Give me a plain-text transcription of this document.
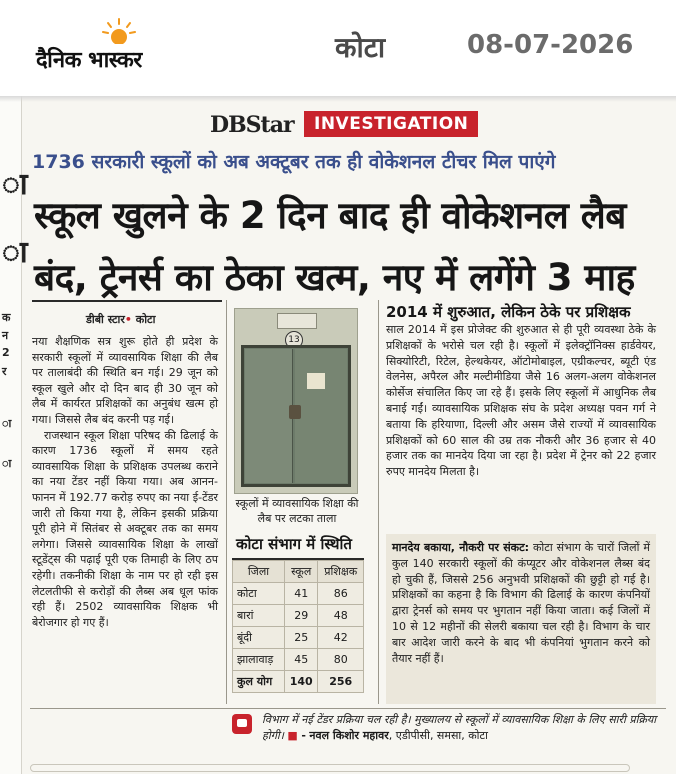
दैनिक भास्कर	कोटा	08-07-2026
ा
ा
क
न
2
र
ा
ा
DBStar	INVESTIGATION
1736 सरकारी स्कूलों को अब अक्टूबर तक ही वोकेशनल टीचर मिल पाएंगे
स्कूल खुलने के 2 दिन बाद ही वोकेशनल लैब
बंद, ट्रेनर्स का ठेका खत्म, नए में लगेंगे 3 माह
डीबी स्टार• कोटा

नया शैक्षणिक सत्र शुरू होते ही प्रदेश के सरकारी स्कूलों में व्यावसायिक शिक्षा की लैब पर तालाबंदी की स्थिति बन गई। 29 जून को स्कूल खुले और दो दिन बाद ही 30 जून को लैब में कार्यरत प्रशिक्षकों का अनुबंध खत्म हो गया। जिससे लैब बंद करनी पड़ गई।

राजस्थान स्कूल शिक्षा परिषद की ढिलाई के कारण 1736 स्कूलों में समय रहते व्यावसायिक शिक्षा के प्रशिक्षक उपलब्ध कराने का नया टेंडर नहीं किया गया। अब आनन-फानन में 192.77 करोड़ रुपए का नया ई-टेंडर जारी तो किया गया है, लेकिन इसकी प्रक्रिया पूरी होने में सितंबर से अक्टूबर तक का समय लगेगा। जिससे व्यावसायिक शिक्षा के लाखों स्टूडेंट्स की पढ़ाई पूरी एक तिमाही के लिए ठप रहेगी। तकनीकी शिक्षा के नाम पर हो रही इस लेटलतीफी से करोड़ों की लैब्स अब धूल फांक रही हैं। 2502 व्यावसायिक शिक्षक भी बेरोजगार हो गए हैं।

13
स्कूलों में व्यावसायिक शिक्षा की लैब पर लटका ताला
कोटा संभाग में स्थिति
जिला	स्कूल	प्रशिक्षक
कोटा	41	86
बारां	29	48
बूंदी	25	42
झालावाड़	45	80
कुल योग	140	256
2014 में शुरुआत, लेकिन ठेके पर प्रशिक्षक
साल 2014 में इस प्रोजेक्ट की शुरुआत से ही पूरी व्यवस्था ठेके के प्रशिक्षकों के भरोसे चल रही है। स्कूलों में इलेक्ट्रॉनिक्स हार्डवेयर, सिक्योरिटी, रिटेल, हेल्थकेयर, ऑटोमोबाइल, एग्रीकल्चर, ब्यूटी एंड वेलनेस, अपैरल और मल्टीमीडिया जैसे 16 अलग-अलग वोकेशनल कोर्सेज संचालित किए जा रहे हैं। इसके लिए स्कूलों में आधुनिक लैब बनाई गईं। व्यावसायिक प्रशिक्षक संघ के प्रदेश अध्यक्ष पवन गर्ग ने बताया कि हरियाणा, दिल्ली और असम जैसे राज्यों में व्यावसायिक प्रशिक्षकों को 60 साल की उम्र तक नौकरी और 36 हजार से 40 हजार तक का मानदेय दिया जा रहा है। प्रदेश में ट्रेनर को 22 हजार रुपए मानदेय मिलता है।
मानदेय बकाया, नौकरी पर संकट: कोटा संभाग के चारों जिलों में कुल 140 सरकारी स्कूलों की कंप्यूटर और वोकेशनल लैब्स बंद हो चुकी हैं, जिससे 256 अनुभवी प्रशिक्षकों की छुट्टी हो गई है। प्रशिक्षकों का कहना है कि विभाग की ढिलाई के कारण कंपनियों द्वारा ट्रेनर्स को समय पर भुगतान नहीं किया जाता। कई जिलों में 10 से 12 महीनों की सेलरी बकाया चल रही है। विभाग के चार बार आदेश जारी करने के बाद भी कंपनियां भुगतान करने को तैयार नहीं हैं।
विभाग में नई टेंडर प्रक्रिया चल रही है। मुख्यालय से स्कूलों में व्यावसायिक शिक्षा के लिए सारी प्रक्रिया होगी। ■ - नवल किशोर महावर, एडीपीसी, समसा, कोटा
